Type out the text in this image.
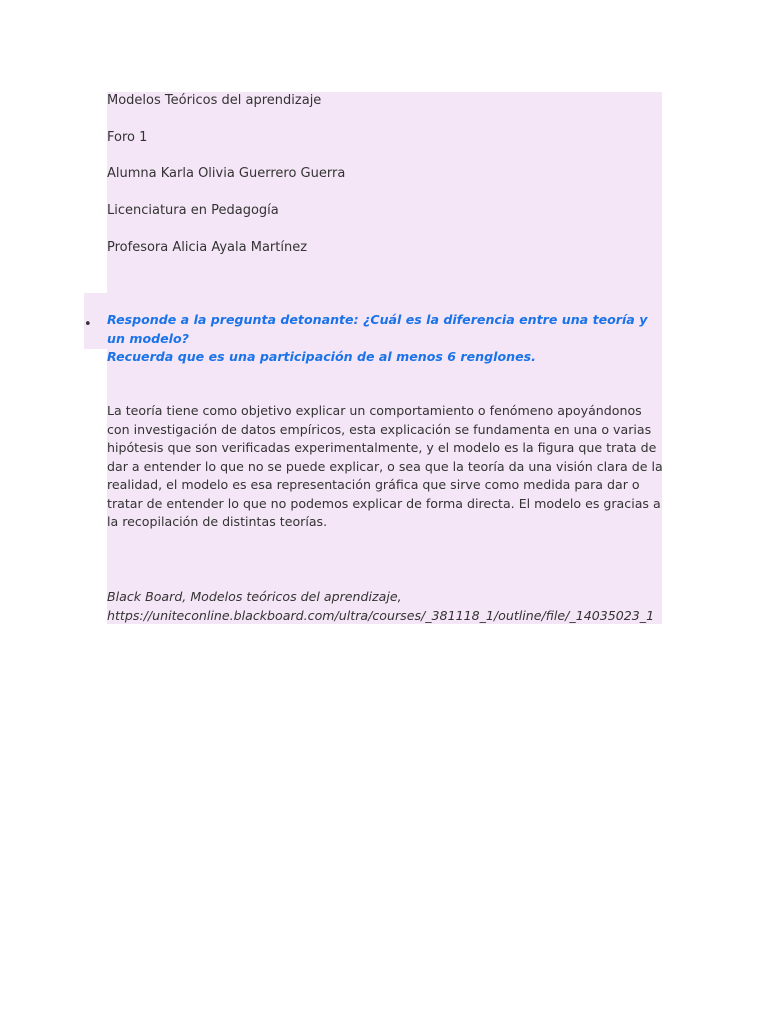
Modelos Teóricos del aprendizaje

Foro 1

Alumna Karla Olivia Guerrero Guerra

Licenciatura en Pedagogía

Profesora Alicia Ayala Martínez

• Responde a la pregunta detonante: ¿Cuál es la diferencia entre una teoría y un modelo?
Recuerda que es una participación de al menos 6 renglones.

La teoría tiene como objetivo explicar un comportamiento o fenómeno apoyándonos con investigación de datos empíricos, esta explicación se fundamenta en una o varias hipótesis que son verificadas experimentalmente, y el modelo es la figura que trata de dar a entender lo que no se puede explicar, o sea que la teoría da una visión clara de la realidad, el modelo es esa representación gráfica que sirve como medida para dar o tratar de entender lo que no podemos explicar de forma directa. El modelo es gracias a la recopilación de distintas teorías.

Black Board, Modelos teóricos del aprendizaje,
https://uniteconline.blackboard.com/ultra/courses/_381118_1/outline/file/_14035023_1
